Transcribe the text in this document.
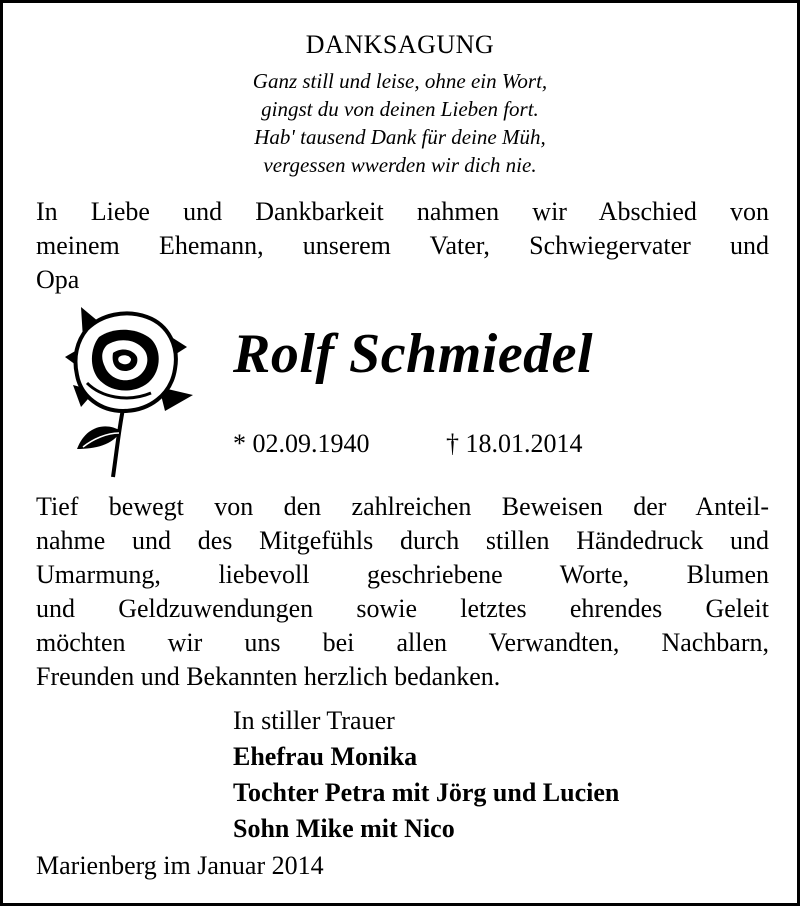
DANKSAGUNG
Ganz still und leise, ohne ein Wort,
gingst du von deinen Lieben fort.
Hab' tausend Dank für deine Müh,
vergessen wwerden wir dich nie.
In Liebe und Dankbarkeit nahmen wir Abschied von
meinem Ehemann, unserem Vater, Schwiegervater und
Opa
Rolf Schmiedel
* 02.09.1940	† 18.01.2014
Tief bewegt von den zahlreichen Beweisen der Anteil-
nahme und des Mitgefühls durch stillen Händedruck und
Umarmung, liebevoll geschriebene Worte, Blumen
und Geldzuwendungen sowie letztes ehrendes Geleit
möchten wir uns bei allen Verwandten, Nachbarn,
Freunden und Bekannten herzlich bedanken.
In stiller Trauer
Ehefrau Monika
Tochter Petra mit Jörg und Lucien
Sohn Mike mit Nico
Marienberg im Januar 2014
